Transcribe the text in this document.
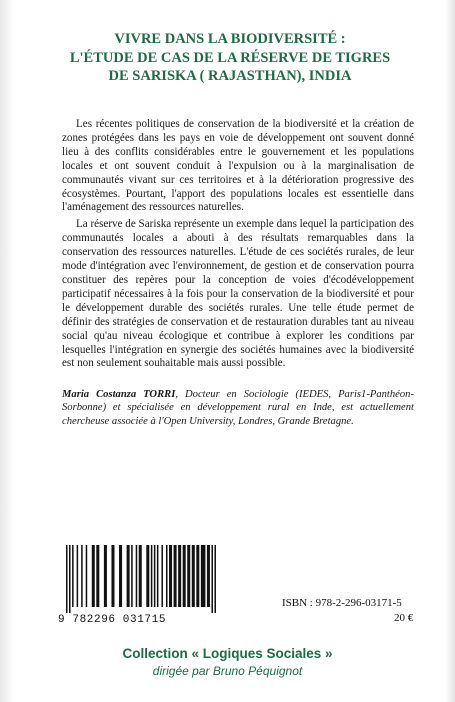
VIVRE DANS LA BIODIVERSITÉ :
L'ÉTUDE DE CAS DE LA RÉSERVE DE TIGRES
DE SARISKA ( RAJASTHAN), INDIA

Les récentes politiques de conservation de la biodiversité et la création de zones protégées dans les pays en voie de développement ont souvent donné lieu à des conflits considérables entre le gouvernement et les populations locales et ont souvent conduit à l'expulsion ou à la marginalisation de communautés vivant sur ces territoires et à la détérioration progressive des écosystèmes. Pourtant, l'apport des populations locales est essentielle dans l'aménagement des ressources naturelles.

La réserve de Sariska représente un exemple dans lequel la participation des communautés locales a abouti à des résultats remarquables dans la conservation des ressources naturelles. L'étude de ces sociétés rurales, de leur mode d'intégration avec l'environnement, de gestion et de conservation pourra constituer des repères pour la conception de voies d'écodéveloppement participatif nécessaires à la fois pour la conservation de la biodiversité et pour le développement durable des sociétés rurales. Une telle étude permet de définir des stratégies de conservation et de restauration durables tant au niveau social qu'au niveau écologique et contribue à explorer les conditions par lesquelles l'intégration en synergie des sociétés humaines avec la biodiversité est non seulement souhaitable mais aussi possible.

Maria Costanza TORRI, Docteur en Sociologie (IEDES, Paris1-Panthéon-Sorbonne) et spécialisée en développement rural en Inde, est actuellement chercheuse associée à l'Open University, Londres, Grande Bretagne.
9 782296 031715
ISBN : 978-2-296-03171-5
20 €
Collection « Logiques Sociales »
dirigée par Bruno Péquignot
